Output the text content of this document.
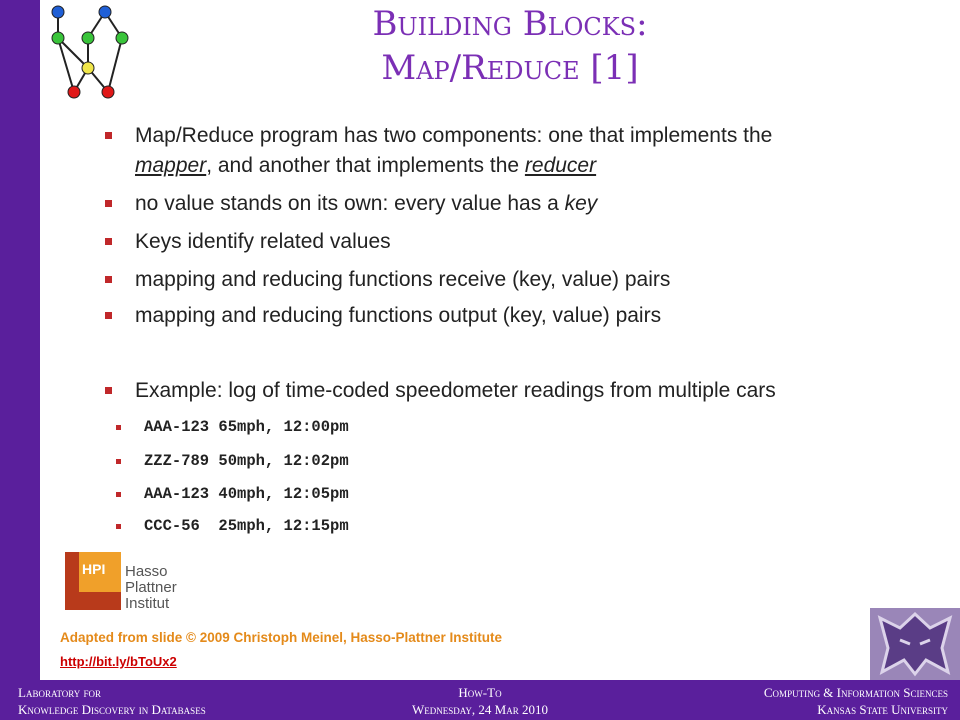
Building Blocks:
Map/Reduce [1]
Map/Reduce program has two components: one that implements the
mapper, and another that implements the reducer
no value stands on its own: every value has a key
Keys identify related values
mapping and reducing functions receive (key, value) pairs
mapping and reducing functions output (key, value) pairs
Example: log of time-coded speedometer readings from multiple cars
AAA-123 65mph, 12:00pm
ZZZ-789 50mph, 12:02pm
AAA-123 40mph, 12:05pm
CCC-56  25mph, 12:15pm
HPI Hasso
Plattner
Institut
Adapted from slide © 2009 Christoph Meinel, Hasso-Plattner Institute
http://bit.ly/bToUx2
Laboratory for
Knowledge Discovery in Databases
How-To
Wednesday, 24 Mar 2010
Computing & Information Sciences
Kansas State University
